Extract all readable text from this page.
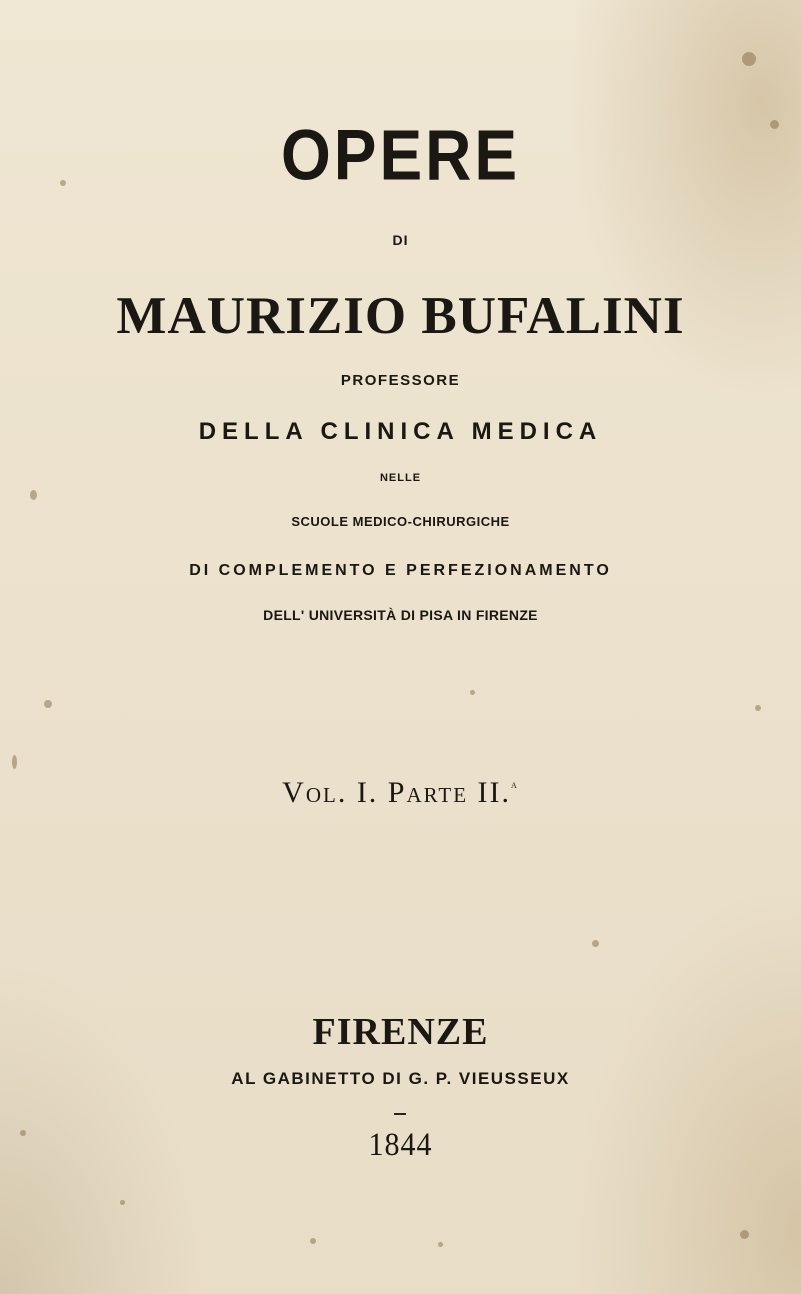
OPERE
DI
MAURIZIO BUFALINI
PROFESSORE
DELLA CLINICA MEDICA
NELLE
SCUOLE MEDICO-CHIRURGICHE
DI COMPLEMENTO E PERFEZIONAMENTO
DELL' UNIVERSITÀ DI PISA IN FIRENZE
Vol. I. Parte II.$^a$
FIRENZE
AL GABINETTO DI G. P. VIEUSSEUX
1844
